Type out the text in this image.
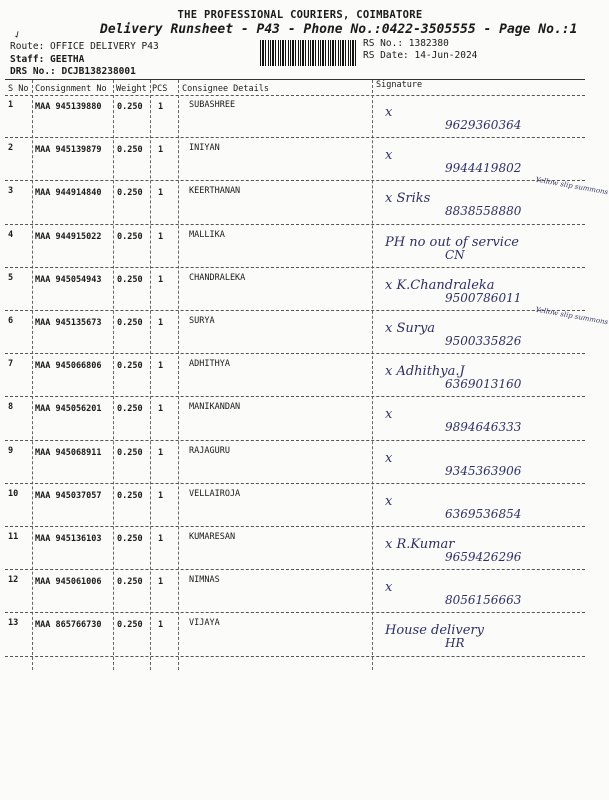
THE PROFESSIONAL COURIERS, COIMBATORE
Delivery Runsheet - P43 - Phone No.:0422-3505555 - Page No.:1
✓
Route: OFFICE DELIVERY P43
Staff: GEETHA
DRS No.: DCJB138238001
RS No.: 1382380
RS Date: 14-Jun-2024
S No Consignment No Weight PCS Consignee Details	Signature
1	MAA 945139880 0.250 1	SUBASHREE	x
9629360364
2	MAA 945139879 0.250 1	INIYAN	x
9944419802
3	MAA 944914840 0.250 1	KEERTHANAN	x Sriks
8838558880
Yellow slip summons
4	MAA 944915022 0.250 1	MALLIKA	PH no out of service
CN
5	MAA 945054943 0.250 1	CHANDRALEKA	x K.Chandraleka
9500786011
6	MAA 945135673 0.250 1	SURYA	x Surya
9500335826
Yellow slip summons
7	MAA 945066806 0.250 1	ADHITHYA	x Adhithya.J
6369013160
8	MAA 945056201 0.250 1	MANIKANDAN	x
9894646333
9	MAA 945068911 0.250 1	RAJAGURU	x
9345363906
10 MAA 945037057 0.250 1	VELLAIROJA	x
6369536854
11 MAA 945136103 0.250 1	KUMARESAN	x R.Kumar
9659426296
12 MAA 945061006 0.250 1	NIMNAS	x
8056156663
13 MAA 865766730 0.250 1	VIJAYA	House delivery
HR
